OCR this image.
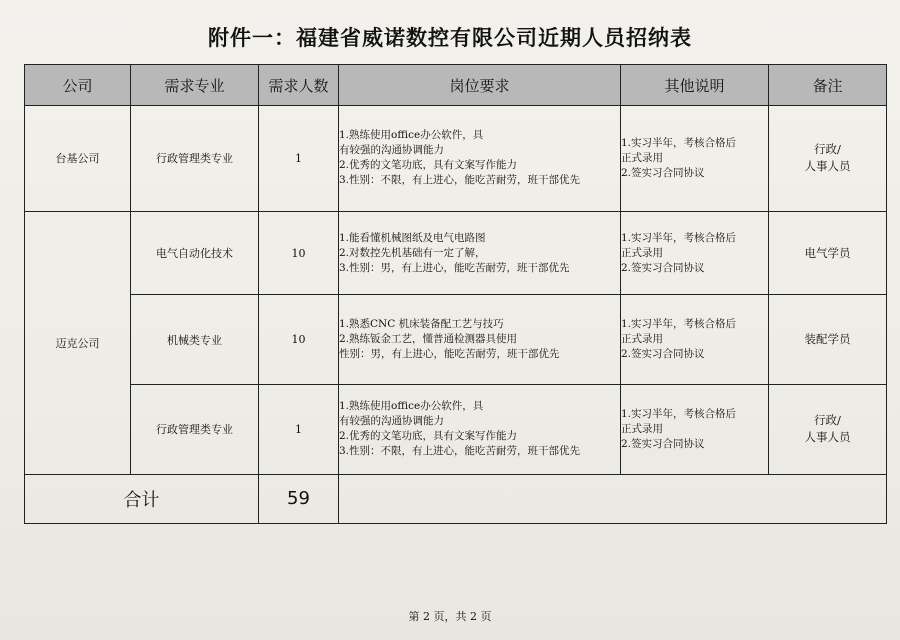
附件一：福建省威诺数控有限公司近期人员招纳表
公司	需求专业	需求人数	岗位要求	其他说明	备注
台基公司	行政管理类专业	1	1.熟练使用office办公软件，具
有较强的沟通协调能力
2.优秀的文笔功底，具有文案写作能力
3.性别：不限，有上进心，能吃苦耐劳，班干部优先	1.实习半年，考核合格后
正式录用
2.签实习合同协议	行政/
人事人员

迈克公司	电气自动化技术	10	1.能看懂机械图纸及电气电路图
2.对数控先机基础有一定了解，
3.性别：男，有上进心，能吃苦耐劳，班干部优先	1.实习半年，考核合格后
正式录用
2.签实习合同协议	电气学员

	机械类专业	10	1.熟悉CNC 机床装备配工艺与技巧
2.熟练钣金工艺，懂普通检测器具使用
性别：男，有上进心，能吃苦耐劳，班干部优先	1.实习半年，考核合格后
正式录用
2.签实习合同协议	装配学员

	行政管理类专业	1	1.熟练使用office办公软件，具
有较强的沟通协调能力
2.优秀的文笔功底，具有文案写作能力
3.性别：不限，有上进心，能吃苦耐劳，班干部优先	1.实习半年，考核合格后
正式录用
2.签实习合同协议	行政/
人事人员

合计		59			
第 2 页，共 2 页
